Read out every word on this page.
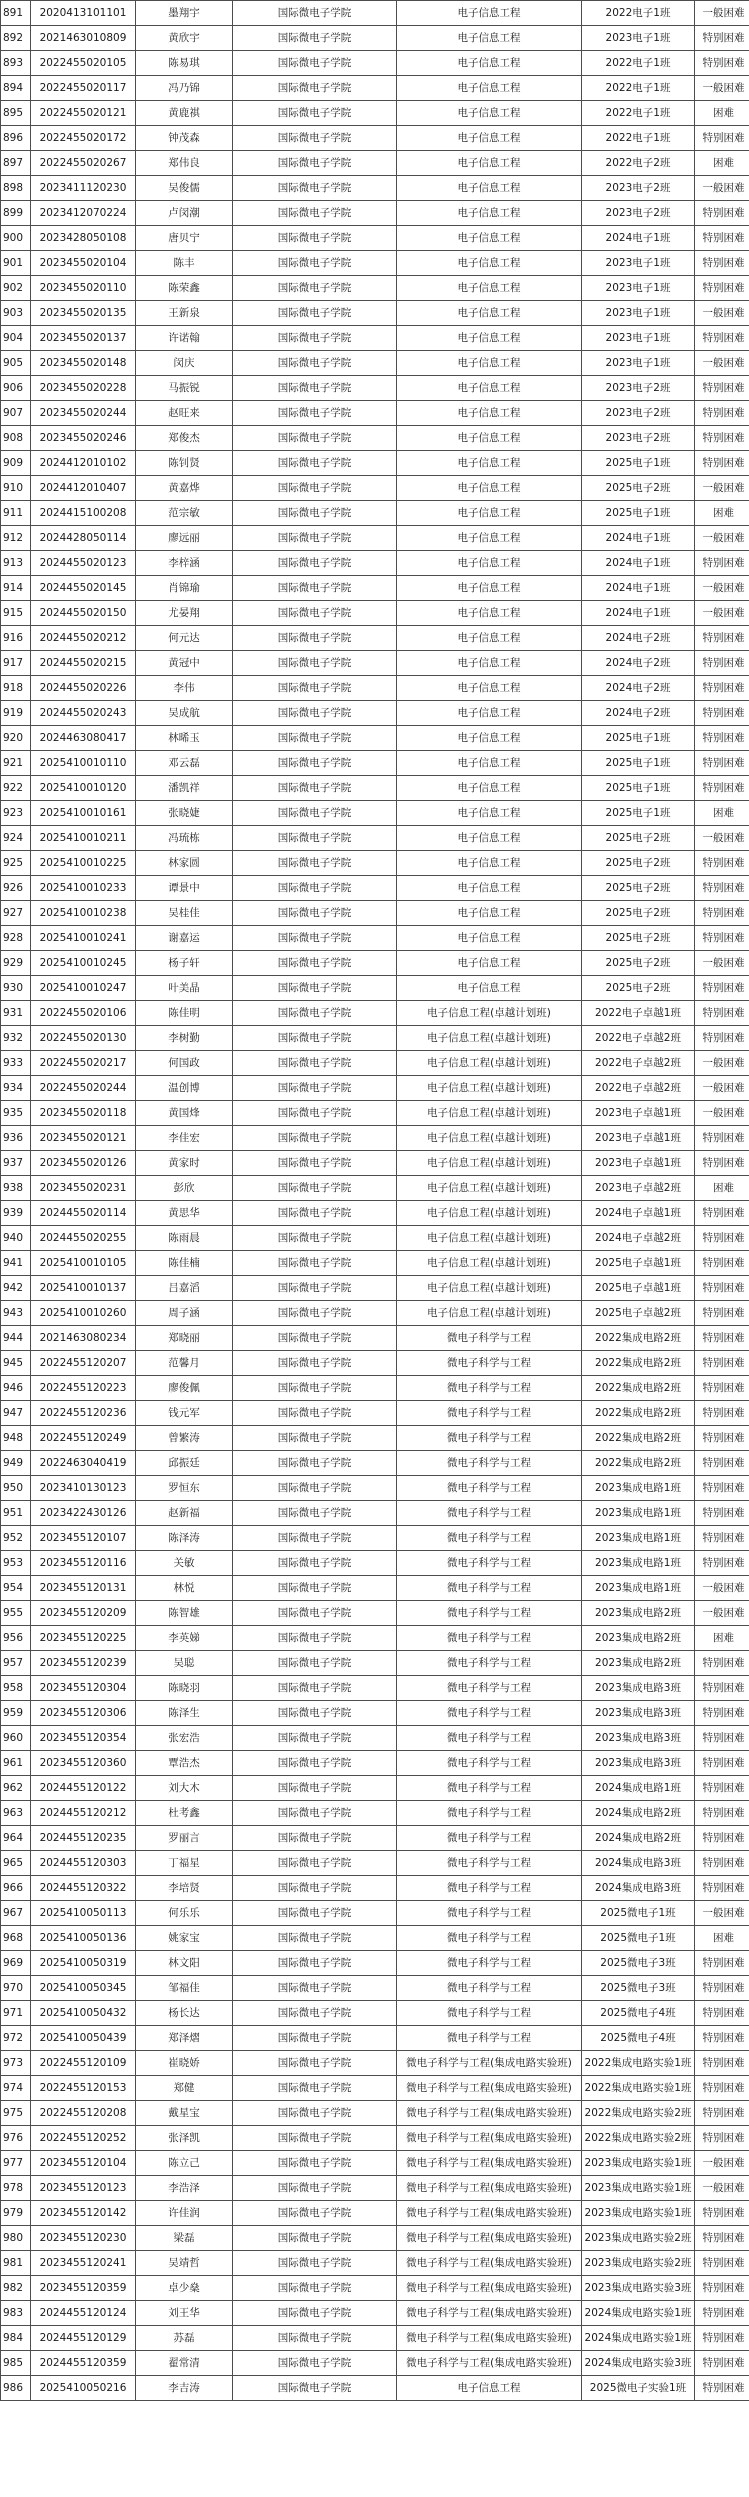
891	2020413101101	墨翔宇	国际微电子学院	电子信息工程	2022电子1班	一般困难
892	2021463010809	黄欣宇	国际微电子学院	电子信息工程	2023电子1班	特别困难
893	2022455020105	陈易琪	国际微电子学院	电子信息工程	2022电子1班	特别困难
894	2022455020117	冯乃锦	国际微电子学院	电子信息工程	2022电子1班	一般困难
895	2022455020121	黄鹿祺	国际微电子学院	电子信息工程	2022电子1班	困难
896	2022455020172	钟茂森	国际微电子学院	电子信息工程	2022电子1班	特别困难
897	2022455020267	郑伟良	国际微电子学院	电子信息工程	2022电子2班	困难
898	2023411120230	吴俊儒	国际微电子学院	电子信息工程	2023电子2班	一般困难
899	2023412070224	卢闵潮	国际微电子学院	电子信息工程	2023电子2班	特别困难
900	2023428050108	唐贝宁	国际微电子学院	电子信息工程	2024电子1班	特别困难
901	2023455020104	陈丰	国际微电子学院	电子信息工程	2023电子1班	特别困难
902	2023455020110	陈荣鑫	国际微电子学院	电子信息工程	2023电子1班	特别困难
903	2023455020135	王新泉	国际微电子学院	电子信息工程	2023电子1班	一般困难
904	2023455020137	许诺翰	国际微电子学院	电子信息工程	2023电子1班	特别困难
905	2023455020148	闵庆	国际微电子学院	电子信息工程	2023电子1班	一般困难
906	2023455020228	马振锐	国际微电子学院	电子信息工程	2023电子2班	特别困难
907	2023455020244	赵旺来	国际微电子学院	电子信息工程	2023电子2班	特别困难
908	2023455020246	郑俊杰	国际微电子学院	电子信息工程	2023电子2班	特别困难
909	2024412010102	陈钊贤	国际微电子学院	电子信息工程	2025电子1班	特别困难
910	2024412010407	黄嘉烨	国际微电子学院	电子信息工程	2025电子2班	一般困难
911	2024415100208	范宗敏	国际微电子学院	电子信息工程	2025电子1班	困难
912	2024428050114	廖远丽	国际微电子学院	电子信息工程	2024电子1班	一般困难
913	2024455020123	李梓涵	国际微电子学院	电子信息工程	2024电子1班	特别困难
914	2024455020145	肖锦瑜	国际微电子学院	电子信息工程	2024电子1班	一般困难
915	2024455020150	尤晏翔	国际微电子学院	电子信息工程	2024电子1班	一般困难
916	2024455020212	何元达	国际微电子学院	电子信息工程	2024电子2班	特别困难
917	2024455020215	黄冠中	国际微电子学院	电子信息工程	2024电子2班	特别困难
918	2024455020226	李伟	国际微电子学院	电子信息工程	2024电子2班	特别困难
919	2024455020243	吴成航	国际微电子学院	电子信息工程	2024电子2班	特别困难
920	2024463080417	林晞玉	国际微电子学院	电子信息工程	2025电子1班	特别困难
921	2025410010110	邓云磊	国际微电子学院	电子信息工程	2025电子1班	特别困难
922	2025410010120	潘凯祥	国际微电子学院	电子信息工程	2025电子1班	特别困难
923	2025410010161	张晓婕	国际微电子学院	电子信息工程	2025电子1班	困难
924	2025410010211	冯琉栋	国际微电子学院	电子信息工程	2025电子2班	一般困难
925	2025410010225	林家圆	国际微电子学院	电子信息工程	2025电子2班	特别困难
926	2025410010233	谭景中	国际微电子学院	电子信息工程	2025电子2班	特别困难
927	2025410010238	吴桂佳	国际微电子学院	电子信息工程	2025电子2班	特别困难
928	2025410010241	谢嘉运	国际微电子学院	电子信息工程	2025电子2班	特别困难
929	2025410010245	杨子轩	国际微电子学院	电子信息工程	2025电子2班	一般困难
930	2025410010247	叶美晶	国际微电子学院	电子信息工程	2025电子2班	特别困难
931	2022455020106	陈佳明	国际微电子学院	电子信息工程(卓越计划班)	2022电子卓越1班	特别困难
932	2022455020130	李树勤	国际微电子学院	电子信息工程(卓越计划班)	2022电子卓越2班	特别困难
933	2022455020217	何国政	国际微电子学院	电子信息工程(卓越计划班)	2022电子卓越2班	一般困难
934	2022455020244	温创博	国际微电子学院	电子信息工程(卓越计划班)	2022电子卓越2班	一般困难
935	2023455020118	黄国烽	国际微电子学院	电子信息工程(卓越计划班)	2023电子卓越1班	一般困难
936	2023455020121	李佳宏	国际微电子学院	电子信息工程(卓越计划班)	2023电子卓越1班	特别困难
937	2023455020126	黄家时	国际微电子学院	电子信息工程(卓越计划班)	2023电子卓越1班	特别困难
938	2023455020231	彭欣	国际微电子学院	电子信息工程(卓越计划班)	2023电子卓越2班	困难
939	2024455020114	黄思华	国际微电子学院	电子信息工程(卓越计划班)	2024电子卓越1班	特别困难
940	2024455020255	陈雨晨	国际微电子学院	电子信息工程(卓越计划班)	2024电子卓越2班	特别困难
941	2025410010105	陈佳楠	国际微电子学院	电子信息工程(卓越计划班)	2025电子卓越1班	特别困难
942	2025410010137	吕嘉滔	国际微电子学院	电子信息工程(卓越计划班)	2025电子卓越1班	特别困难
943	2025410010260	周子涵	国际微电子学院	电子信息工程(卓越计划班)	2025电子卓越2班	特别困难
944	2021463080234	郑晓丽	国际微电子学院	微电子科学与工程	2022集成电路2班	特别困难
945	2022455120207	范馨月	国际微电子学院	微电子科学与工程	2022集成电路2班	特别困难
946	2022455120223	廖俊佩	国际微电子学院	微电子科学与工程	2022集成电路2班	特别困难
947	2022455120236	钱元军	国际微电子学院	微电子科学与工程	2022集成电路2班	特别困难
948	2022455120249	曾繁涛	国际微电子学院	微电子科学与工程	2022集成电路2班	特别困难
949	2022463040419	邱振廷	国际微电子学院	微电子科学与工程	2022集成电路2班	特别困难
950	2023410130123	罗恒东	国际微电子学院	微电子科学与工程	2023集成电路1班	特别困难
951	2023422430126	赵新福	国际微电子学院	微电子科学与工程	2023集成电路1班	特别困难
952	2023455120107	陈泽涛	国际微电子学院	微电子科学与工程	2023集成电路1班	特别困难
953	2023455120116	关敏	国际微电子学院	微电子科学与工程	2023集成电路1班	特别困难
954	2023455120131	林悦	国际微电子学院	微电子科学与工程	2023集成电路1班	一般困难
955	2023455120209	陈智雄	国际微电子学院	微电子科学与工程	2023集成电路2班	一般困难
956	2023455120225	李英娣	国际微电子学院	微电子科学与工程	2023集成电路2班	困难
957	2023455120239	吴聪	国际微电子学院	微电子科学与工程	2023集成电路2班	特别困难
958	2023455120304	陈晓羽	国际微电子学院	微电子科学与工程	2023集成电路3班	特别困难
959	2023455120306	陈泽生	国际微电子学院	微电子科学与工程	2023集成电路3班	特别困难
960	2023455120354	张宏浩	国际微电子学院	微电子科学与工程	2023集成电路3班	特别困难
961	2023455120360	覃浩杰	国际微电子学院	微电子科学与工程	2023集成电路3班	特别困难
962	2024455120122	刘大木	国际微电子学院	微电子科学与工程	2024集成电路1班	特别困难
963	2024455120212	杜考鑫	国际微电子学院	微电子科学与工程	2024集成电路2班	特别困难
964	2024455120235	罗丽言	国际微电子学院	微电子科学与工程	2024集成电路2班	特别困难
965	2024455120303	丁福星	国际微电子学院	微电子科学与工程	2024集成电路3班	特别困难
966	2024455120322	李培贤	国际微电子学院	微电子科学与工程	2024集成电路3班	特别困难
967	2025410050113	何乐乐	国际微电子学院	微电子科学与工程	2025微电子1班	一般困难
968	2025410050136	姚家宝	国际微电子学院	微电子科学与工程	2025微电子1班	困难
969	2025410050319	林文阳	国际微电子学院	微电子科学与工程	2025微电子3班	特别困难
970	2025410050345	邹福佳	国际微电子学院	微电子科学与工程	2025微电子3班	特别困难
971	2025410050432	杨长达	国际微电子学院	微电子科学与工程	2025微电子4班	特别困难
972	2025410050439	郑泽熠	国际微电子学院	微电子科学与工程	2025微电子4班	特别困难
973	2022455120109	崔晓娇	国际微电子学院	微电子科学与工程(集成电路实验班)	2022集成电路实验1班	特别困难
974	2022455120153	郑健	国际微电子学院	微电子科学与工程(集成电路实验班)	2022集成电路实验1班	特别困难
975	2022455120208	戴星宝	国际微电子学院	微电子科学与工程(集成电路实验班)	2022集成电路实验2班	特别困难
976	2022455120252	张泽凯	国际微电子学院	微电子科学与工程(集成电路实验班)	2022集成电路实验2班	特别困难
977	2023455120104	陈立己	国际微电子学院	微电子科学与工程(集成电路实验班)	2023集成电路实验1班	一般困难
978	2023455120123	李浩泽	国际微电子学院	微电子科学与工程(集成电路实验班)	2023集成电路实验1班	一般困难
979	2023455120142	许佳润	国际微电子学院	微电子科学与工程(集成电路实验班)	2023集成电路实验1班	特别困难
980	2023455120230	梁磊	国际微电子学院	微电子科学与工程(集成电路实验班)	2023集成电路实验2班	特别困难
981	2023455120241	吴靖哲	国际微电子学院	微电子科学与工程(集成电路实验班)	2023集成电路实验2班	特别困难
982	2023455120359	卓少燊	国际微电子学院	微电子科学与工程(集成电路实验班)	2023集成电路实验3班	特别困难
983	2024455120124	刘王华	国际微电子学院	微电子科学与工程(集成电路实验班)	2024集成电路实验1班	特别困难
984	2024455120129	苏磊	国际微电子学院	微电子科学与工程(集成电路实验班)	2024集成电路实验1班	特别困难
985	2024455120359	翟常清	国际微电子学院	微电子科学与工程(集成电路实验班)	2024集成电路实验3班	特别困难
986	2025410050216	李吉涛	国际微电子学院	电子信息工程	2025微电子实验1班	特别困难
